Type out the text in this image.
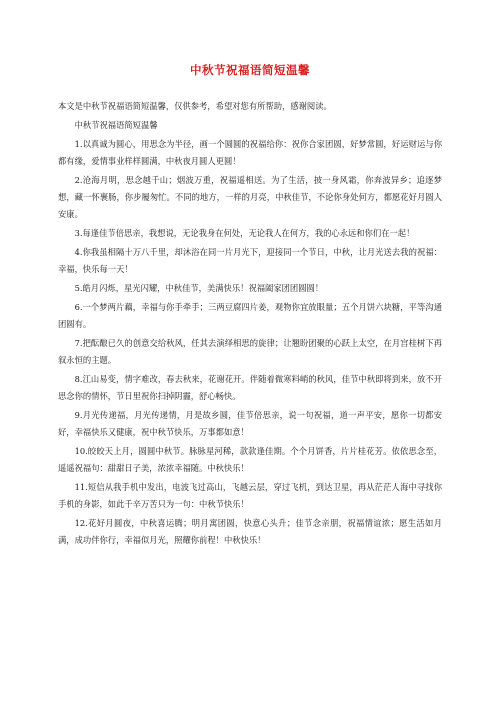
中秋节祝福语简短温馨

本文是中秋节祝福语简短温馨，仅供参考，希望对您有所帮助，感谢阅读。

中秋节祝福语简短温馨

1.以真诚为圆心，用思念为半径，画一个圆圆的祝福给你：祝你合家团圆，好梦常圆，好运财运与你都有缘，爱情事业样样圆满，中秋夜月圆人更圆！

2.沧海月明，思念越千山；烟波万重，祝福遥相送。为了生活，披一身风霜，你奔波异乡；追逐梦想，藏一怀裹肠，你步履匆忙。不同的地方，一样的月亮，中秋佳节，不论你身处何方，都愿花好月圆人安康。

3.每逢佳节倍思亲，我想说，无论我身在何处，无论我人在何方，我的心永远和你们在一起！

4.你我虽相隔十万八千里，却沐浴在同一片月光下，迎接同一个节日，中秋，让月光送去我的祝福：幸福，快乐每一天！

5.皓月闪烁，星光闪耀，中秋佳节，美满快乐！祝福阖家团团圆圆！

6.一个梦两片藕，幸福与你手牵手；三两豆腐四片姜，观物你宜放眼量；五个月饼六块糖，平等沟通团圆有。

7.把酝酿已久的创意交给秋风，任其去演绎相思的旋律；让翘盼团聚的心跃上太空，在月宫桂树下再叙永恒的主题。

8.江山易变，情字难改，春去秋来，花谢花开。伴随着微寒料峭的秋风，佳节中秋即将到来，放不开思念你的情怀，节日里祝你扫掉阴霾，舒心畅快。

9.月光传递福，月光传递情，月是故乡圆，佳节倍思亲，说一句祝福，道一声平安，愿你一切都安好，幸福快乐又健康，祝中秋节快乐，万事都如意！

10.皎皎天上月，圆圆中秋节。脉脉星河稀，款款逢佳期。个个月饼香，片片桂花芳。依依思念至，遥遥祝福句：甜甜日子美，浓浓幸福随。中秋快乐！

11.短信从我手机中发出，电波飞过高山，飞越云层，穿过飞机，到达卫星，再从茫茫人海中寻找你手机的身影，如此千辛万苦只为一句：中秋节快乐！

12.花好月圆夜，中秋喜运腾；明月寓团圆，快意心头升；佳节念亲朋，祝福情谊浓；愿生活如月满，成功伴你行，幸福似月光，照耀你前程！中秋快乐！
